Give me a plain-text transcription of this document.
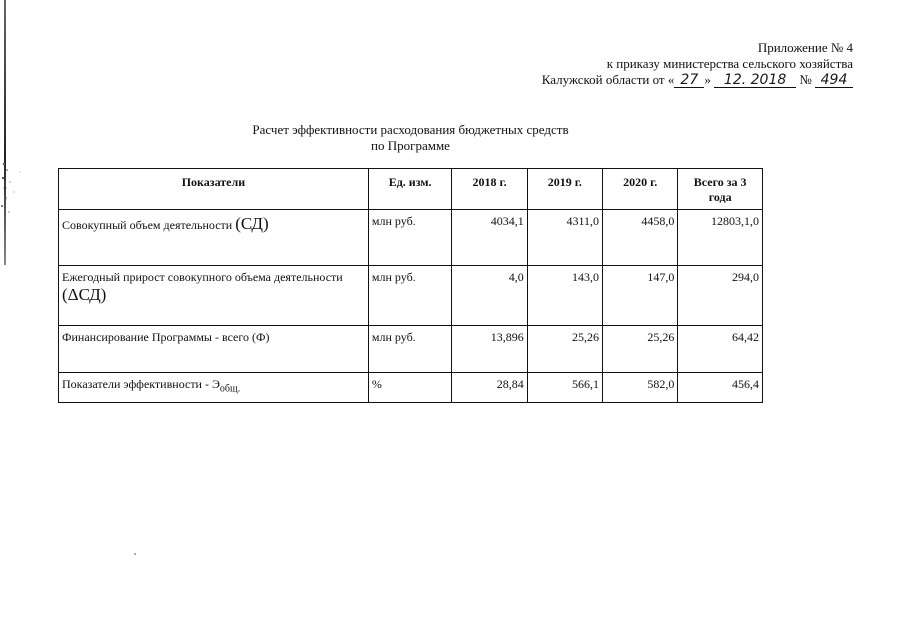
Приложение № 4
к приказу министерства сельского хозяйства
Калужской области от « 27 » 12. 2018 № 494
Расчет эффективности расходования бюджетных средств
по Программе
Показатели	Ед. изм.	2018 г.	2019 г.	2020 г.	Всего за 3 года
Совокупный объем деятельности (СД)	млн руб.	4034,1	4311,0	4458,0	12803,1,0
Ежегодный прирост совокупного объема деятельности (ΔСД)	млн руб.	4,0	143,0	147,0	294,0
Финансирование Программы - всего (Ф)	млн руб.	13,896	25,26	25,26	64,42
Показатели эффективности - $Э_{общ.}$	%	28,84	566,1	582,0	456,4
